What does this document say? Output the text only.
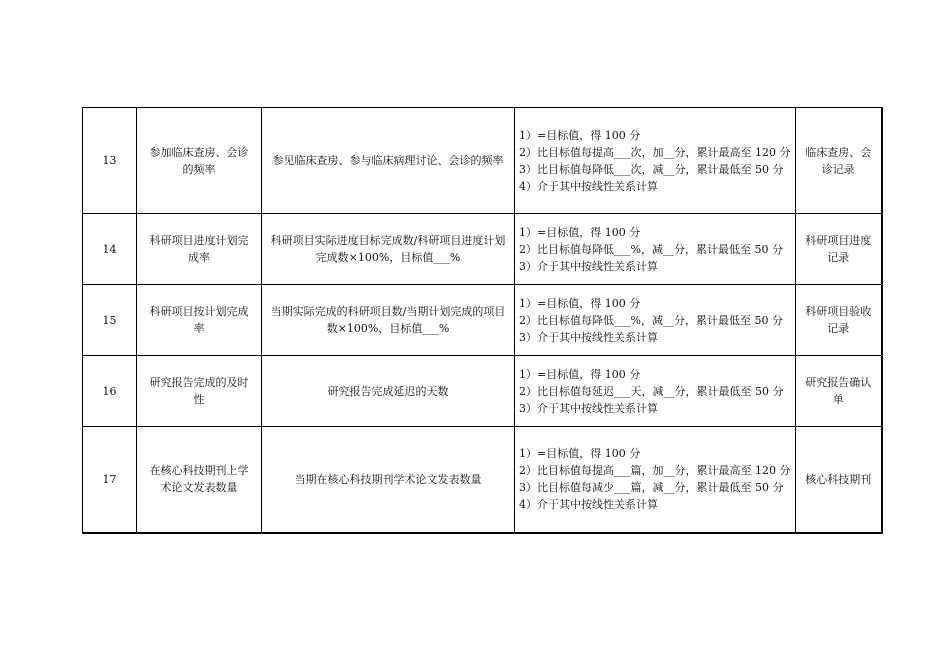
13	参加临床查房、会诊的频率	参见临床查房、参与临床病理讨论、会诊的频率	1）=目标值，得 100 分
2）比目标值每提高___次，加__分，累计最高至 120 分
3）比目标值每降低___次，减__分，累计最低至 50 分
4）介于其中按线性关系计算	临床查房、会诊记录
14	科研项目进度计划完成率	科研项目实际进度目标完成数/科研项目进度计划完成数×100%，目标值___%	1）=目标值，得 100 分
2）比目标值每降低___%，减__分，累计最低至 50 分
3）介于其中按线性关系计算	科研项目进度记录
15	科研项目按计划完成率	当期实际完成的科研项目数/当期计划完成的项目数×100%，目标值___%	1）=目标值，得 100 分
2）比目标值每降低___%，减__分，累计最低至 50 分
3）介于其中按线性关系计算	科研项目验收记录
16	研究报告完成的及时性	研究报告完成延迟的天数	1）=目标值，得 100 分
2）比目标值每延迟___天，减__分，累计最低至 50 分
3）介于其中按线性关系计算	研究报告确认单
17	在核心科技期刊上学术论文发表数量	当期在核心科技期刊学术论文发表数量	1）=目标值，得 100 分
2）比目标值每提高___篇，加__分，累计最高至 120 分
3）比目标值每减少___篇，减__分，累计最低至 50 分
4）介于其中按线性关系计算	核心科技期刊
